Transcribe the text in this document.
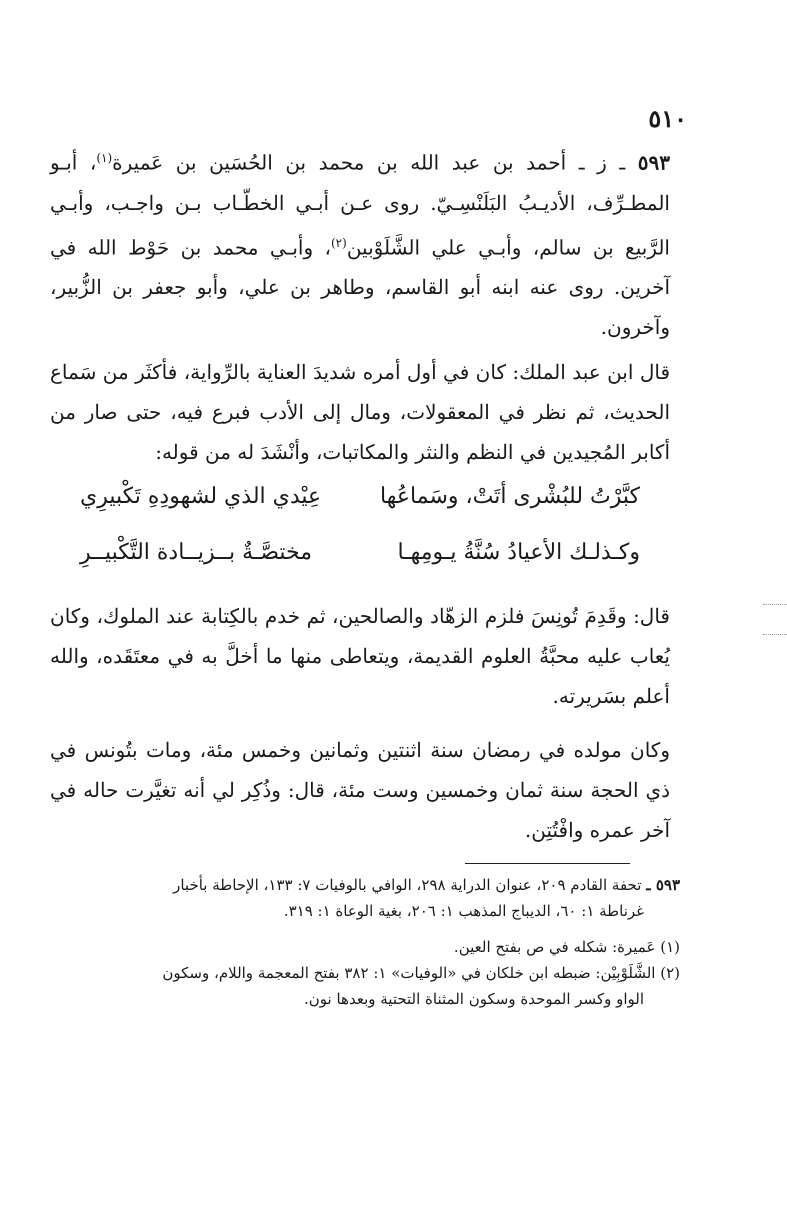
٥١٠
٥٩٣ ـ ز ـ أحمد بن عبد الله بن محمد بن الحُسَين بن عَميرة$^{(١)}$، أبـو المطـرِّف، الأديـبُ البَلَنْسِـيّ. روى عـن أبـي الخطّـاب بـن واجـب، وأبـي الرَّبيع بن سالم، وأبـي علي الشَّلَوْبين$^{(٢)}$، وأبـي محمد بن حَوْط الله في آخرين. روى عنه ابنه أبو القاسم، وطاهر بن علي، وأبو جعفر بن الزُّبير، وآخرون.
قال ابن عبد الملك: كان في أول أمره شديدَ العناية بالرِّواية، فأكثَر من سَماع الحديث، ثم نظر في المعقولات، ومال إلى الأدب فبرع فيه، حتى صار من أكابر المُجيدين في النظم والنثر والمكاتبات، وأنْشَدَ له من قوله:
كبَّرْتُ للبُشْرى أتَتْ، وسَماعُها
عِيْدي الذي لشهودِهِ تَكْبيرِي
وكـذلـك الأعيادُ سُنَّةُ يـومِهـا
مختصَّـةٌ بــزيــادة التَّكْبيــرِ
قال: وقَدِمَ تُونِسَ فلزم الزهّاد والصالحين، ثم خدم بالكِتابة عند الملوك، وكان يُعاب عليه محبَّةُ العلوم القديمة، ويتعاطى منها ما أخلَّ به في معتَقَده، والله أعلم بسَريرته.
وكان مولده في رمضان سنة اثنتين وثمانين وخمس مئة، ومات بتُونس في ذي الحجة سنة ثمان وخمسين وست مئة، قال: وذُكِر لي أنه تغيَّرت حاله في آخر عمره وافْتُتِن.
٥٩٣ ـ تحفة القادم ٢٠٩، عنوان الدراية ٢٩٨، الوافي بالوفيات ٧: ١٣٣، الإحاطة بأخبار
غرناطة ١: ٦٠، الديباج المذهب ١: ٢٠٦، بغية الوعاة ١: ٣١٩.
(١) عَميرة: شكله في ص بفتح العين.
(٢) الشَّلَوْبِيْن: ضبطه ابن خلكان في «الوفيات» ١: ٣٨٢ بفتح المعجمة واللام، وسكون
الواو وكسر الموحدة وسكون المثناة التحتية وبعدها نون.
